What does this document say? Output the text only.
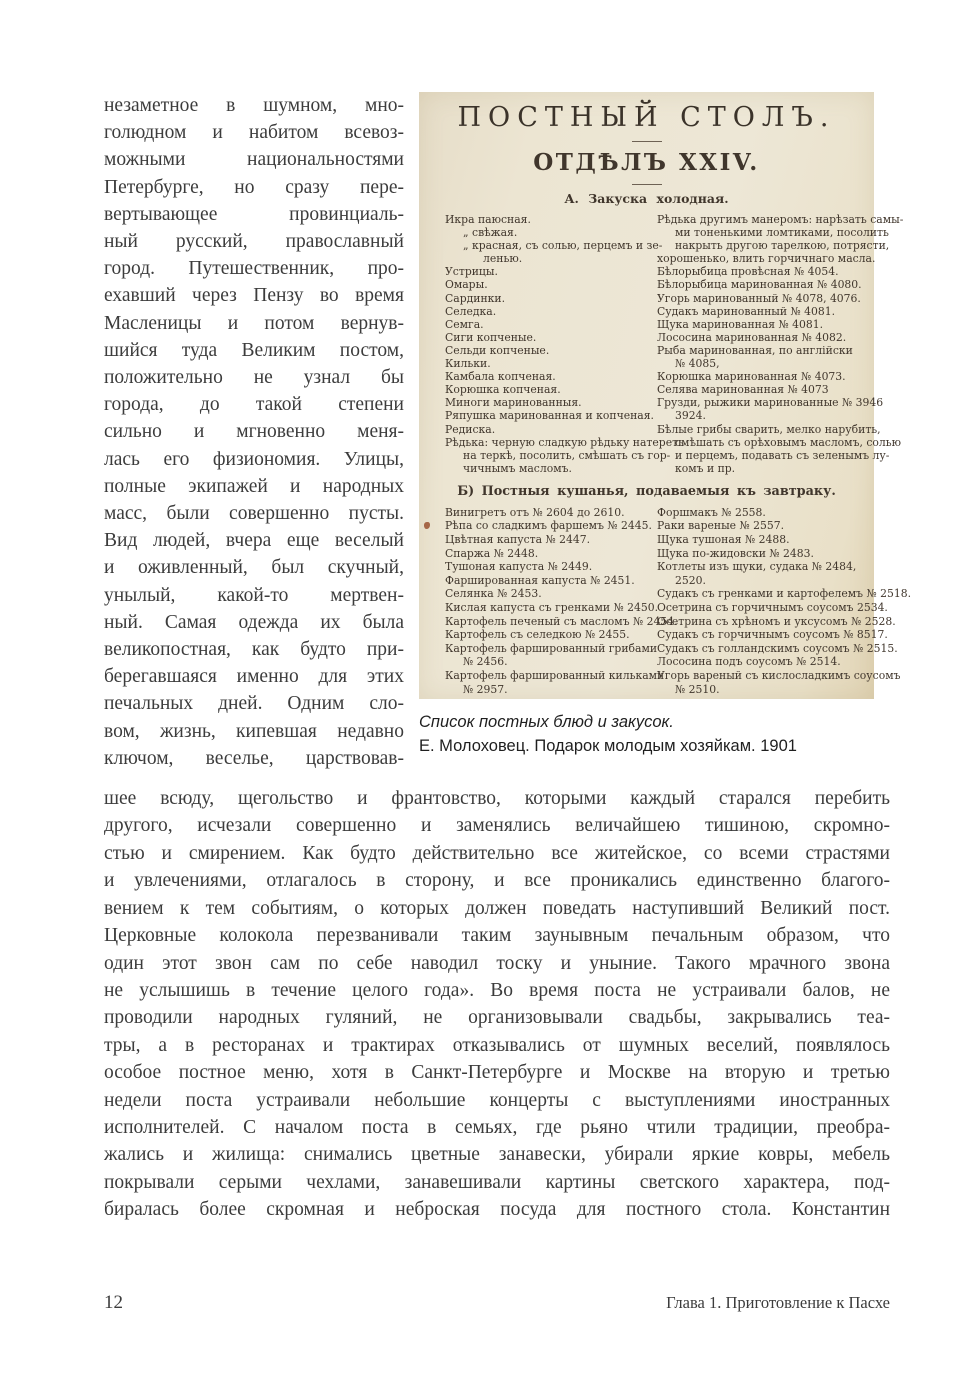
незаметное в шумном, мно-
голюдном и набитом всевоз-
можными национальностями
Петербурге, но сразу пере-
вертывающее провинциаль-
ный русский, православный
город. Путешественник, про-
ехавший через Пензу во время
Масленицы и потом вернув-
шийся туда Великим постом,
положительно не узнал бы
города, до такой степени
сильно и мгновенно меня-
лась его физиономия. Улицы,
полные экипажей и народных
масс, были совершенно пусты.
Вид людей, вчера еще веселый
и оживленный, был скучный,
унылый, какой-то мертвен-
ный. Самая одежда их была
великопостная, как будто при-
берегавшаяся именно для этих
печальных дней. Одним сло-
вом, жизнь, кипевшая недавно
ключом, веселье, царствовав-
ПОСТНЫЙ СТОЛЪ.
ОТДѢЛЪ XXIV.
А. Закуска холодная.
Икра паюсная.
„ свѣжая.
„ красная, съ солью, перцемъ и зе-
ленью.
Устрицы.
Омары.
Сардинки.
Селедка.
Семга.
Сиги копченые.
Сельди копченые.
Кильки.
Камбала копченая.
Корюшка копченая.
Миноги маринованныя.
Ряпушка маринованная и копченая.
Редиска.
Рѣдька: черную сладкую рѣдьку натереть
на теркѣ, посолить, смѣшать съ гор-
чичнымъ масломъ.
Рѣдька другимъ манеромъ: нарѣзать самы-
ми тоненькими ломтиками, посолить
накрыть другою тарелкою, потрясти,
хорошенько, влить горчичнаго масла.
Бѣлорыбица провѣсная № 4054.
Бѣлорыбица маринованная № 4080.
Угорь маринованный № 4078, 4076.
Судакъ маринованный № 4081.
Щука маринованная № 4081.
Лососина маринованная № 4082.
Рыба маринованная, по англійски
№ 4085,
Корюшка маринованная № 4073.
Селява маринованная № 4073
Грузди, рыжики маринованные № 3946
3924.
Бѣлые грибы сварить, мелко нарубить,
смѣшать съ орѣховымъ масломъ, солью
и перцемъ, подавать съ зеленымъ лу-
комъ и пр.
Б) Постныя кушанья, подаваемыя къ завтраку.
Винигретъ отъ № 2604 до 2610.
Рѣпа со сладкимъ фаршемъ № 2445.
Цвѣтная капуста № 2447.
Спаржа № 2448.
Тушоная капуста № 2449.
Фаршированная капуста № 2451.
Селянка № 2453.
Кислая капуста съ гренками № 2450.
Картофель печеный съ масломъ № 2454.
Картофель съ селедкою № 2455.
Картофель фаршированный грибами
№ 2456.
Картофель фаршированный кильками
№ 2957.
Форшмакъ № 2558.
Раки вареные № 2557.
Щука тушоная № 2488.
Щука по-жидовски № 2483.
Котлеты изъ щуки, судака № 2484,
2520.
Судакъ съ гренками и картофелемъ № 2518.
Осетрина съ горчичнымъ соусомъ 2534.
Осетрина съ хрѣномъ и уксусомъ № 2528.
Судакъ съ горчичнымъ соусомъ № 8517.
Судакъ съ голландскимъ соусомъ № 2515.
Лососина подъ соусомъ № 2514.
Угорь вареный съ кислосладкимъ соусомъ
№ 2510.
Список постных блюд и закусок.
Е. Молоховец. Подарок молодым хозяйкам. 1901
шее всюду, щегольство и франтовство, которыми каждый старался перебить
другого, исчезали совершенно и заменялись величайшею тишиною, скромно-
стью и смирением. Как будто действительно все житейское, со всеми страстями
и увлечениями, отлагалось в сторону, и все проникались единственно благого-
вением к тем событиям, о которых должен поведать наступивший Великий пост.
Церковные колокола перезванивали таким заунывным печальным образом, что
один этот звон сам по себе наводил тоску и уныние. Такого мрачного звона
не услышишь в течение целого года». Во время поста не устраивали балов, не
проводили народных гуляний, не организовывали свадьбы, закрывались теа-
тры, а в ресторанах и трактирах отказывались от шумных веселий, появлялось
особое постное меню, хотя в Санкт-Петербурге и Москве на вторую и третью
недели поста устраивали небольшие концерты с выступлениями иностранных
исполнителей. С началом поста в семьях, где рьяно чтили традиции, преобра-
жались и жилища: снимались цветные занавески, убирали яркие ковры, мебель
покрывали серыми чехлами, занавешивали картины светского характера, под-
биралась более скромная и неброская посуда для постного стола. Константин
12	Глава 1. Приготовление к Пасхе
